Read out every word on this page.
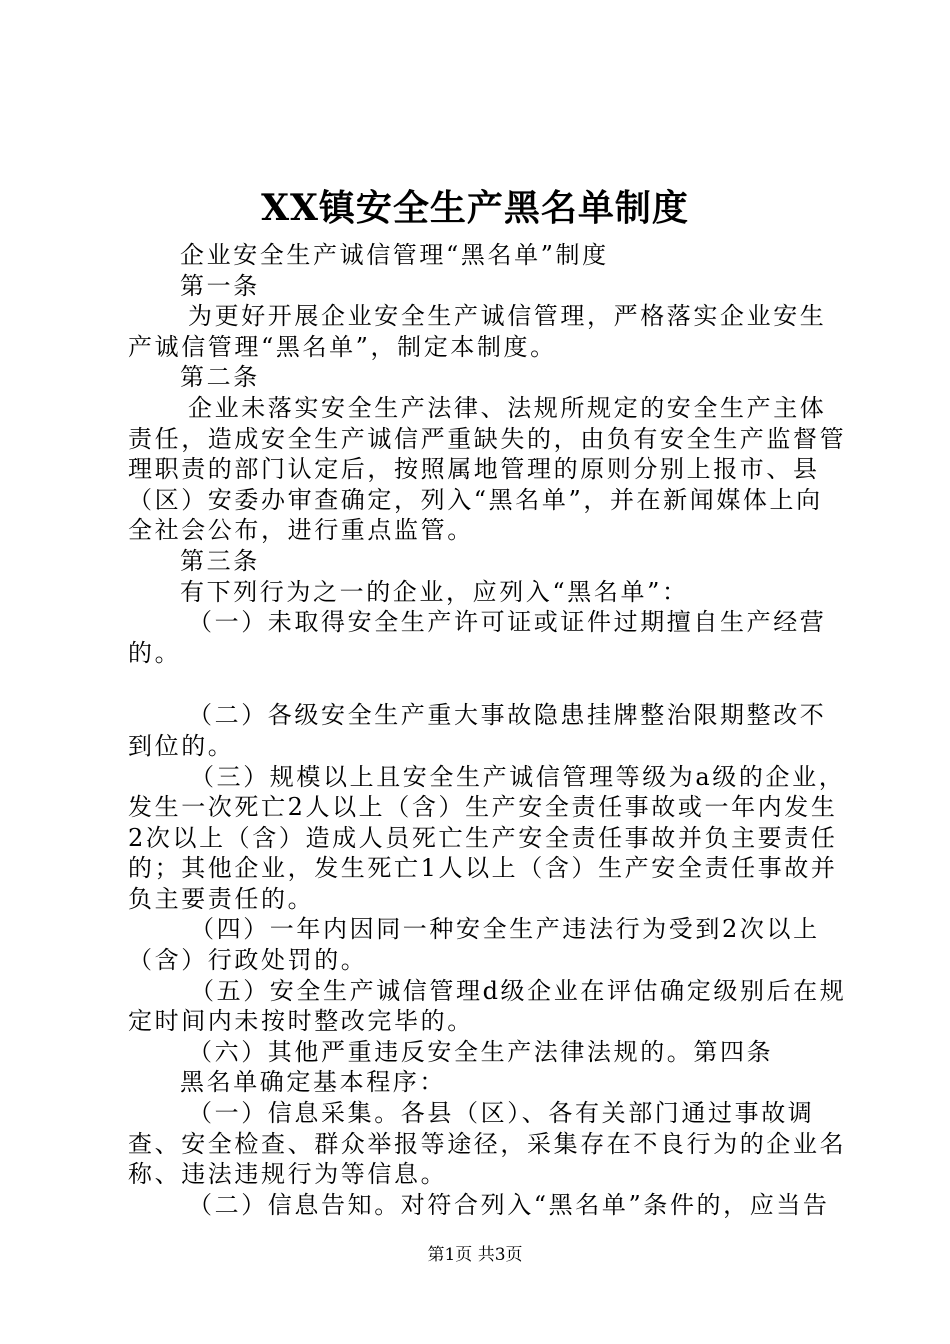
XX镇安全生产黑名单制度

企业安全生产诚信管理“黑名单”制度

第一条

为更好开展企业安全生产诚信管理，严格落实企业安生产诚信管理“黑名单”，制定本制度。

第二条

企业未落实安全生产法律、法规所规定的安全生产主体责任，造成安全生产诚信严重缺失的，由负有安全生产监督管理职责的部门认定后，按照属地管理的原则分别上报市、县（区）安委办审查确定，列入“黑名单”，并在新闻媒体上向全社会公布，进行重点监管。

第三条

有下列行为之一的企业，应列入“黑名单”：

（一）未取得安全生产许可证或证件过期擅自生产经营的。

（二）各级安全生产重大事故隐患挂牌整治限期整改不到位的。

（三）规模以上且安全生产诚信管理等级为a级的企业，发生一次死亡2人以上（含）生产安全责任事故或一年内发生2次以上（含）造成人员死亡生产安全责任事故并负主要责任的；其他企业，发生死亡1人以上（含）生产安全责任事故并负主要责任的。

（四）一年内因同一种安全生产违法行为受到2次以上（含）行政处罚的。

（五）安全生产诚信管理d级企业在评估确定级别后在规定时间内未按时整改完毕的。

（六）其他严重违反安全生产法律法规的。第四条

黑名单确定基本程序：

（一）信息采集。各县（区）、各有关部门通过事故调查、安全检查、群众举报等途径，采集存在不良行为的企业名称、违法违规行为等信息。

（二）信息告知。对符合列入“黑名单”条件的，应当告

第1页 共3页
